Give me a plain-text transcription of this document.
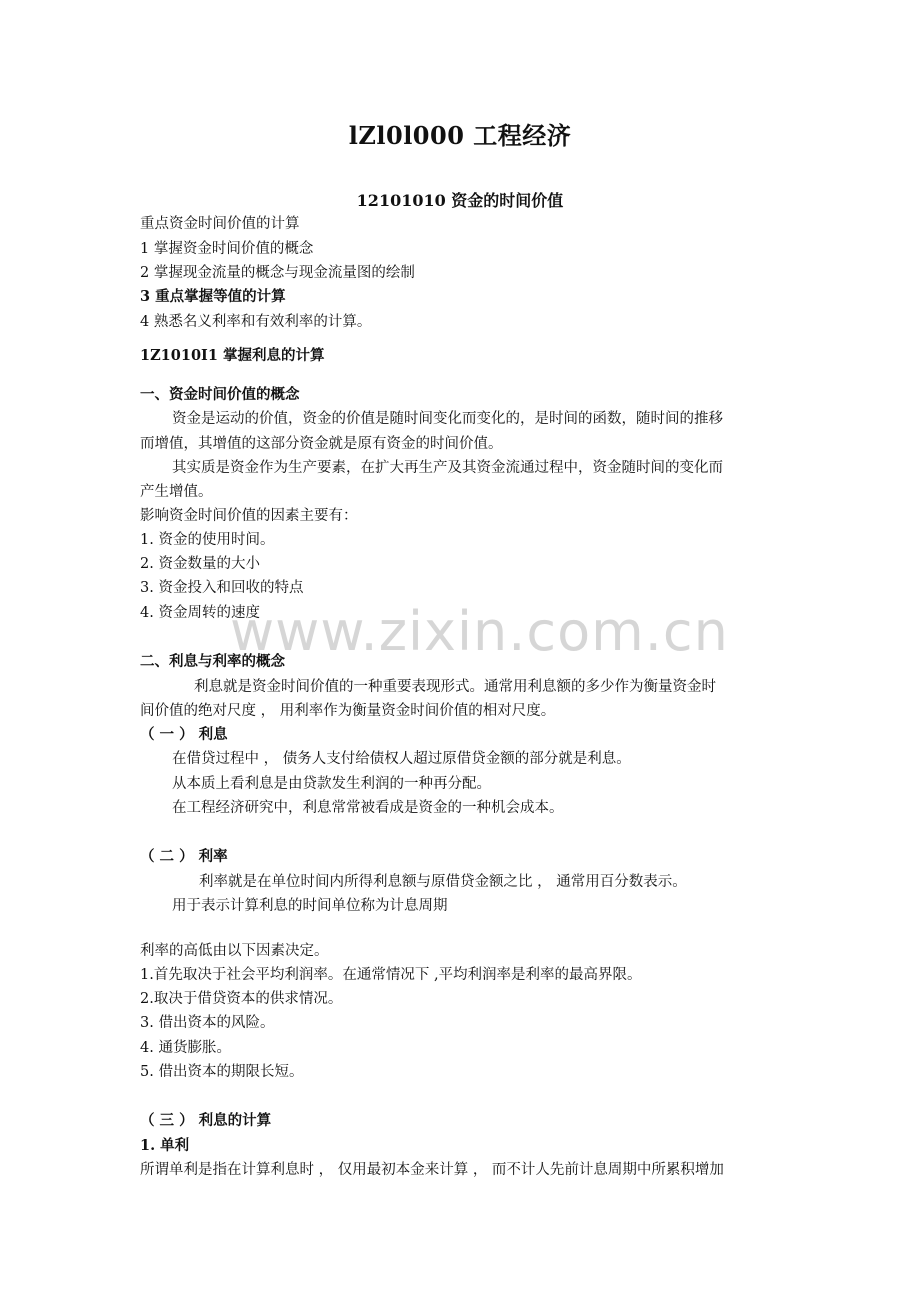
www.zixin.com.cn
lZl0l000 工程经济
12101010 资金的时间价值
重点资金时间价值的计算
1 掌握资金时间价值的概念
2 掌握现金流量的概念与现金流量图的绘制
3 重点掌握等值的计算
4 熟悉名义利率和有效利率的计算。
1Z1010I1 掌握利息的计算
一、资金时间价值的概念
资金是运动的价值，资金的价值是随时间变化而变化的，是时间的函数，随时间的推移
而增值，其增值的这部分资金就是原有资金的时间价值。
其实质是资金作为生产要素，在扩大再生产及其资金流通过程中，资金随时间的变化而
产生增值。
影响资金时间价值的因素主要有：
1. 资金的使用时间。
2. 资金数量的大小
3. 资金投入和回收的特点
4. 资金周转的速度
二、利息与利率的概念
利息就是资金时间价值的一种重要表现形式。通常用利息额的多少作为衡量资金时
间价值的绝对尺度 ， 用利率作为衡量资金时间价值的相对尺度。
（ 一 ） 利息
在借贷过程中 ， 债务人支付给债权人超过原借贷金额的部分就是利息。
从本质上看利息是由贷款发生利润的一种再分配。
在工程经济研究中，利息常常被看成是资金的一种机会成本。
（ 二 ） 利率
利率就是在单位时间内所得利息额与原借贷金额之比 ， 通常用百分数表示。
用于表示计算利息的时间单位称为计息周期
利率的高低由以下因素决定。
1.首先取决于社会平均利润率。在通常情况下 ,平均利润率是利率的最高界限。
2.取决于借贷资本的供求情况。
3. 借出资本的风险。
4. 通货膨胀。
5. 借出资本的期限长短。
（ 三 ） 利息的计算
1. 单利
所谓单利是指在计算利息时 ， 仅用最初本金来计算 ， 而不计人先前计息周期中所累积增加
